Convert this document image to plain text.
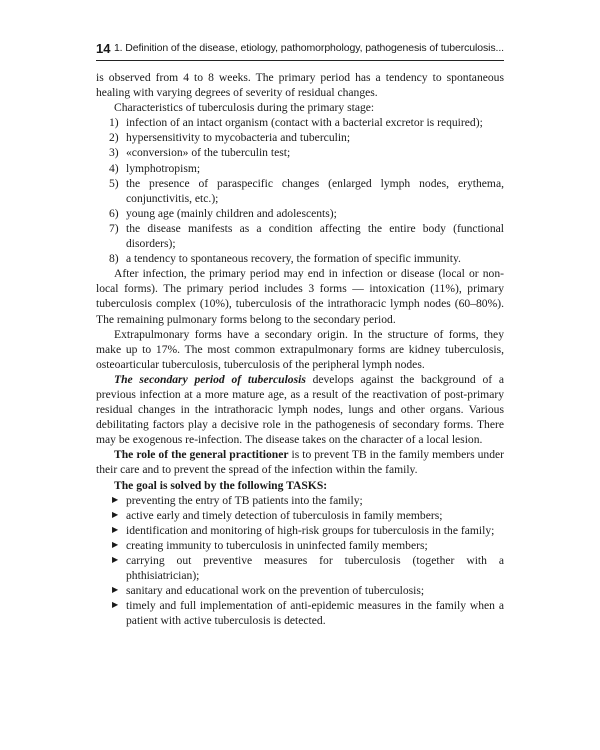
14 1. Definition of the disease, etiology, pathomorphology, pathogenesis of tuberculosis...

is observed from 4 to 8 weeks. The primary period has a tendency to spontaneous healing with varying degrees of severity of residual changes.

Characteristics of tuberculosis during the primary stage:

1) infection of an intact organism (contact with a bacterial excretor is required);
2) hypersensitivity to mycobacteria and tuberculin;
3) «conversion» of the tuberculin test;
4) lymphotropism;
5) the presence of paraspecific changes (enlarged lymph nodes, erythema, conjunctivitis, etc.);
6) young age (mainly children and adolescents);
7) the disease manifests as a condition affecting the entire body (functional disorders);
8) a tendency to spontaneous recovery, the formation of specific immunity.

After infection, the primary period may end in infection or disease (local or non-local forms). The primary period includes 3 forms — intoxication (11%), primary tuberculosis complex (10%), tuberculosis of the intrathoracic lymph nodes (60–80%). The remaining pulmonary forms belong to the secondary period.

Extrapulmonary forms have a secondary origin. In the structure of forms, they make up to 17%. The most common extrapulmonary forms are kidney tuberculosis, osteoarticular tuberculosis, tuberculosis of the peripheral lymph nodes.

The secondary period of tuberculosis develops against the background of a previous infection at a more mature age, as a result of the reactivation of post-primary residual changes in the intrathoracic lymph nodes, lungs and other organs. Various debilitating factors play a decisive role in the pathogenesis of secondary forms. There may be exogenous re-infection. The disease takes on the character of a local lesion.

The role of the general practitioner is to prevent TB in the family members under their care and to prevent the spread of the infection within the family.

The goal is solved by the following TASKS:

▶ preventing the entry of TB patients into the family;
▶ active early and timely detection of tuberculosis in family members;
▶ identification and monitoring of high-risk groups for tuberculosis in the family;
▶ creating immunity to tuberculosis in uninfected family members;
▶ carrying out preventive measures for tuberculosis (together with a phthisiatrician);
▶ sanitary and educational work on the prevention of tuberculosis;
▶ timely and full implementation of anti-epidemic measures in the family when a patient with active tuberculosis is detected.
